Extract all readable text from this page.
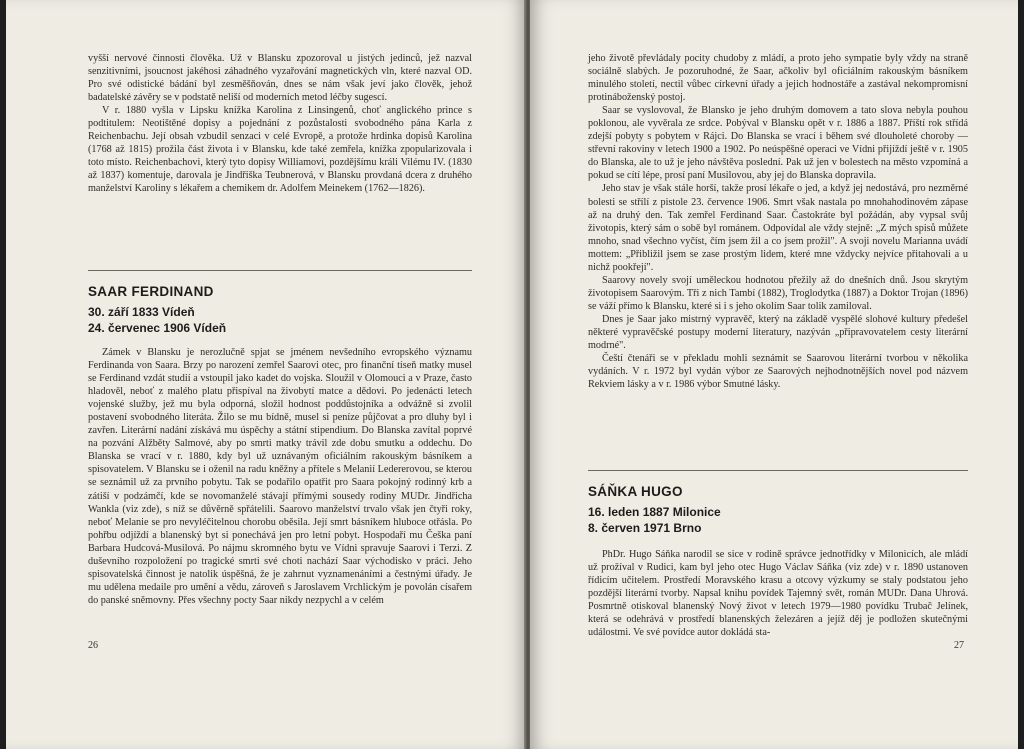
vyšší nervové činnosti člověka. Už v Blansku zpozoroval u jistých jedinců, jež nazval senzitivními, jsoucnost jakéhosi záhadného vyzařování magnetických vln, které nazval OD. Pro své odistické bádání byl zesměšňován, dnes se nám však jeví jako člověk, jehož badatelské závěry se v podstatě neliší od moderních metod léčby sugescí.

V r. 1880 vyšla v Lipsku knížka Karolina z Linsingenů, choť anglického prince s podtitulem: Neotištěné dopisy a pojednání z pozůstalosti svobodného pána Karla z Reichenbachu. Její obsah vzbudil senzaci v celé Evropě, a protože hrdinka dopisů Karolina (1768 až 1815) prožila část života i v Blansku, kde také zemřela, knížka zpopularizovala i toto místo. Reichenbachovi, který tyto dopisy Williamovi, pozdějšímu králi Vilému IV. (1830 až 1837) komentuje, darovala je Jindřiška Teubnerová, v Blansku provdaná dcera z druhého manželství Karoliny s lékařem a chemikem dr. Adolfem Meinekem (1762—1826).

SAAR FERDINAND
30. září 1833 Vídeň
24. červenec 1906 Vídeň

Zámek v Blansku je nerozlučně spjat se jménem nevšedního evropského významu Ferdinanda von Saara. Brzy po narození zemřel Saarovi otec, pro finanční tíseň matky musel se Ferdinand vzdát studií a vstoupil jako kadet do vojska. Sloužil v Olomouci a v Praze, často hladověl, neboť z malého platu přispíval na živobytí matce a dědovi. Po jedenácti letech vojenské služby, jež mu byla odporná, složil hodnost poddůstojníka a odvážně si zvolil postavení svobodného literáta. Žilo se mu bídně, musel si peníze půjčovat a pro dluhy byl i zavřen. Literární nadání získává mu úspěchy a státní stipendium. Do Blanska zavítal poprvé na pozvání Alžběty Salmové, aby po smrti matky trávil zde dobu smutku a oddechu. Do Blanska se vrací v r. 1880, kdy byl už uznávaným oficiálním rakouským básníkem a spisovatelem. V Blansku se i oženil na radu kněžny a přítele s Melanií Ledererovou, se kterou se seznámil už za prvního pobytu. Tak se podařilo opatřit pro Saara pokojný rodinný krb a zátiší v podzámčí, kde se novomanželé stávají přímými sousedy rodiny MUDr. Jindřicha Wankla (viz zde), s níž se důvěrně spřátelili. Saarovo manželství trvalo však jen čtyři roky, neboť Melanie se pro nevyléčitelnou chorobu oběsila. Její smrt básníkem hluboce otřásla. Po pohřbu odjíždí a blanenský byt si ponechává jen pro letní pobyt. Hospodaří mu Češka paní Barbara Hudcová-Musilová. Po nájmu skromného bytu ve Vídni spravuje Saarovi i Terzi. Z duševního rozpoložení po tragické smrti své choti nachází Saar východisko v práci. Jeho spisovatelská činnost je natolik úspěšná, že je zahrnut vyznamenáními a čestnými úřady. Je mu udělena medaile pro umění a vědu, zároveň s Jaroslavem Vrchlickým je povolán císařem do panské sněmovny. Přes všechny pocty Saar nikdy nezpychl a v celém

26

jeho životě převládaly pocity chudoby z mládí, a proto jeho sympatie byly vždy na straně sociálně slabých. Je pozoruhodné, že Saar, ačkoliv byl oficiálním rakouským básníkem minulého století, nectil vůbec církevní úřady a jejich hodnostáře a zastával nekompromisní protináboženský postoj.

Saar se vyslovoval, že Blansko je jeho druhým domovem a tato slova nebyla pouhou poklonou, ale vyvěrala ze srdce. Pobýval v Blansku opět v r. 1886 a 1887. Příští rok střídá zdejší pobyty s pobytem v Rájci. Do Blanska se vrací i během své dlouholeté choroby — střevní rakoviny v letech 1900 a 1902. Po neúspěšné operaci ve Vídni přijíždí ještě v r. 1905 do Blanska, ale to už je jeho návštěva poslední. Pak už jen v bolestech na město vzpomíná a pokud se cítí lépe, prosí paní Musilovou, aby jej do Blanska dopravila.

Jeho stav je však stále horší, takže prosí lékaře o jed, a když jej nedostává, pro nezměrné bolesti se střílí z pistole 23. července 1906. Smrt však nastala po mnohahodinovém zápase až na druhý den. Tak zemřel Ferdinand Saar. Častokráte byl požádán, aby vypsal svůj životopis, který sám o sobě byl románem. Odpovídal ale vždy stejně: „Z mých spisů můžete mnoho, snad všechno vyčíst, čím jsem žil a co jsem prožil". A svoji novelu Marianna uvádí mottem: „Přibližil jsem se zase prostým lidem, které mne vždycky nejvíce přitahovali a u nichž pookřejí".

Saarovy novely svojí uměleckou hodnotou přežily až do dnešních dnů. Jsou skrytým životopisem Saarovým. Tři z nich Tambí (1882), Troglodytka (1887) a Doktor Trojan (1896) se váží přímo k Blansku, které si i s jeho okolím Saar tolik zamiloval.

Dnes je Saar jako mistrný vypravěč, který na základě vyspělé slohové kultury předešel některé vypravěčské postupy moderní literatury, nazýván „připravovatelem cesty literární modrné".

Čeští čtenáři se v překladu mohli seznámit se Saarovou literární tvorbou v několika vydáních. V r. 1972 byl vydán výbor ze Saarových nejhodnotnějších novel pod názvem Rekviem lásky a v r. 1986 výbor Smutné lásky.

SÁŇKA HUGO
16. leden 1887 Milonice
8. červen 1971 Brno

PhDr. Hugo Sáňka narodil se sice v rodině správce jednotřídky v Milonicích, ale mládí už prožíval v Rudici, kam byl jeho otec Hugo Václav Sáňka (viz zde) v r. 1890 ustanoven řídicím učitelem. Prostředí Moravského krasu a otcovy výzkumy se staly podstatou jeho pozdější literární tvorby. Napsal knihu povídek Tajemný svět, román MUDr. Dana Uhrová. Posmrtně otiskoval blanenský Nový život v letech 1979—1980 povídku Trubač Jelínek, která se odehrává v prostředí blanenských železáren a jejíž děj je podložen skutečnými událostmi. Ve své povídce autor dokládá sta-

27
